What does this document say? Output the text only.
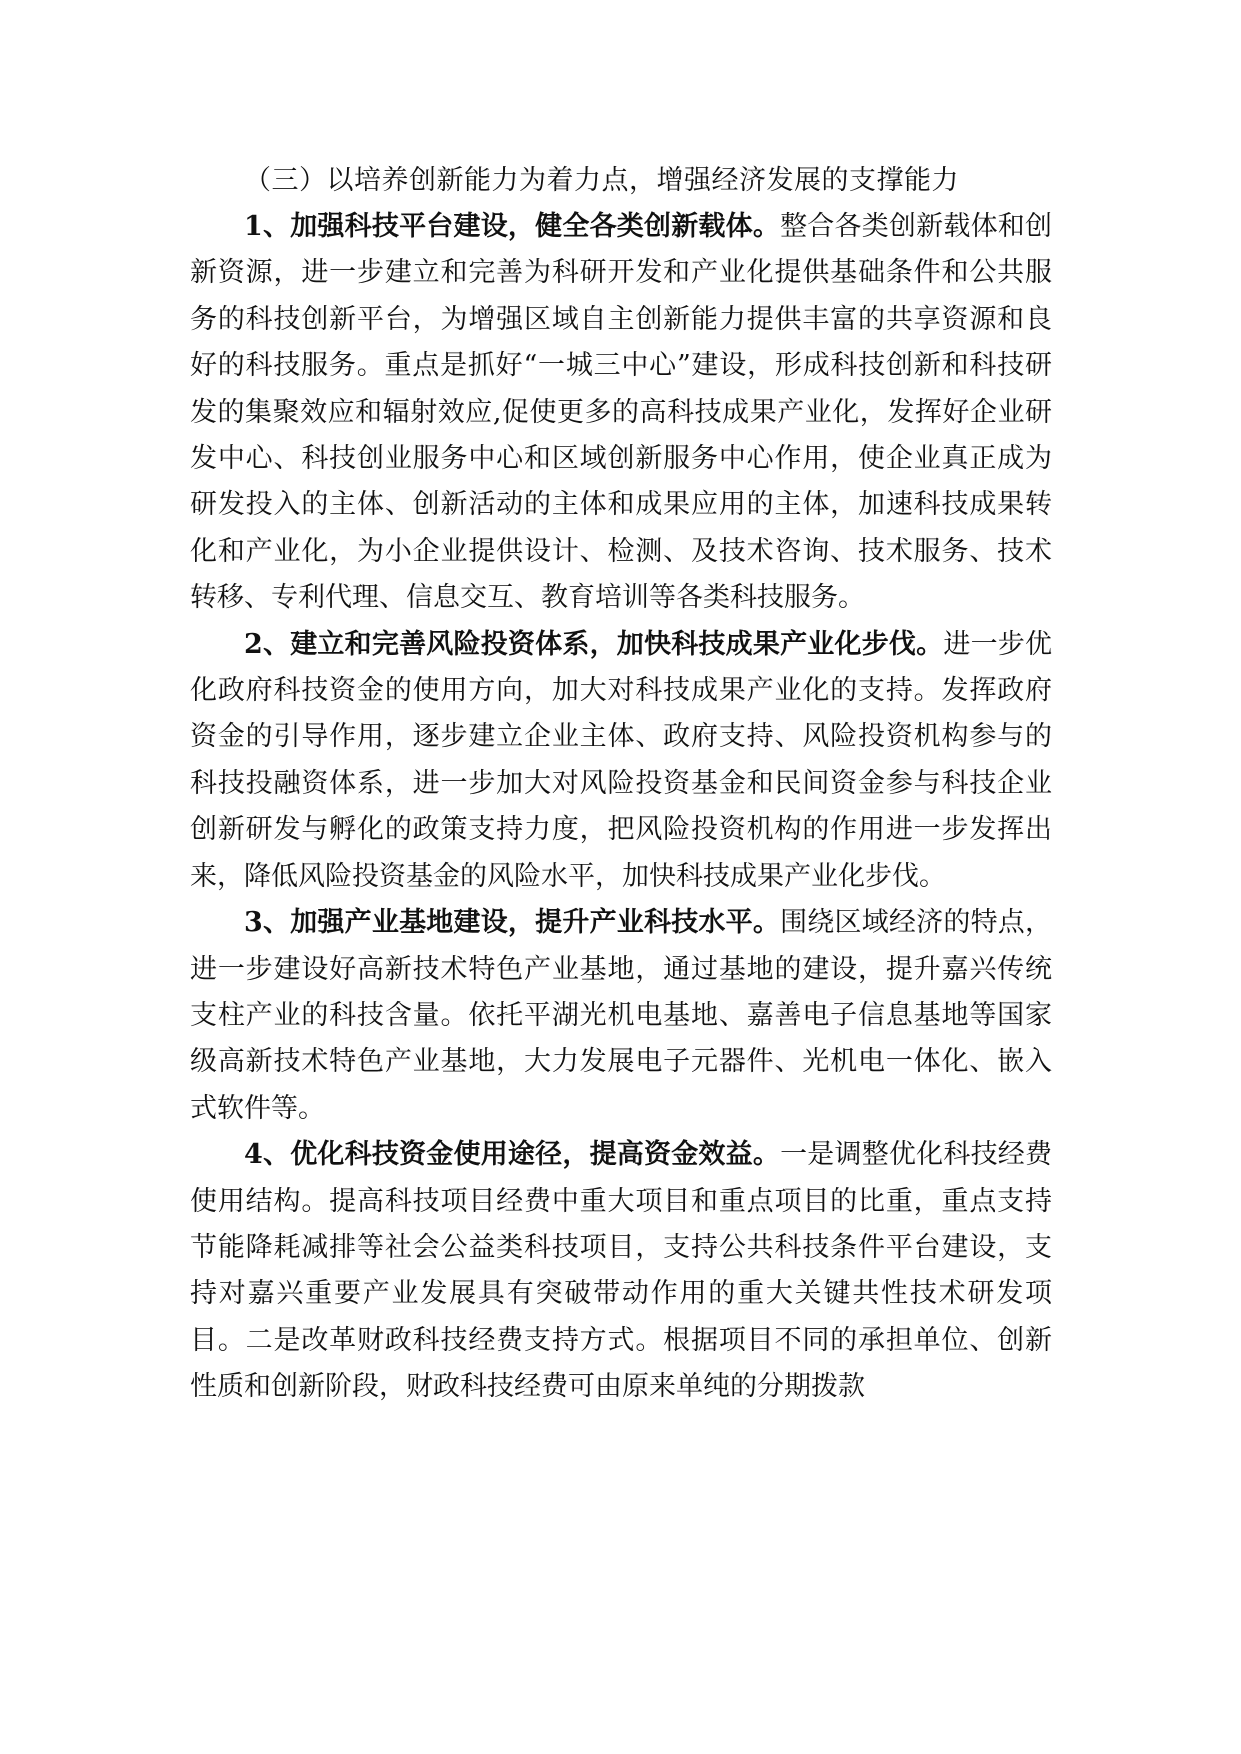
（三）以培养创新能力为着力点，增强经济发展的支撑能力

1、加强科技平台建设，健全各类创新载体。整合各类创新载体和创新资源，进一步建立和完善为科研开发和产业化提供基础条件和公共服务的科技创新平台，为增强区域自主创新能力提供丰富的共享资源和良好的科技服务。重点是抓好“一城三中心”建设，形成科技创新和科技研发的集聚效应和辐射效应,促使更多的高科技成果产业化，发挥好企业研发中心、科技创业服务中心和区域创新服务中心作用，使企业真正成为研发投入的主体、创新活动的主体和成果应用的主体，加速科技成果转化和产业化，为小企业提供设计、检测、及技术咨询、技术服务、技术转移、专利代理、信息交互、教育培训等各类科技服务。

2、建立和完善风险投资体系，加快科技成果产业化步伐。进一步优化政府科技资金的使用方向，加大对科技成果产业化的支持。发挥政府资金的引导作用，逐步建立企业主体、政府支持、风险投资机构参与的科技投融资体系，进一步加大对风险投资基金和民间资金参与科技企业创新研发与孵化的政策支持力度，把风险投资机构的作用进一步发挥出来，降低风险投资基金的风险水平，加快科技成果产业化步伐。

3、加强产业基地建设，提升产业科技水平。围绕区域经济的特点，进一步建设好高新技术特色产业基地，通过基地的建设，提升嘉兴传统支柱产业的科技含量。依托平湖光机电基地、嘉善电子信息基地等国家级高新技术特色产业基地，大力发展电子元器件、光机电一体化、嵌入式软件等。

4、优化科技资金使用途径，提高资金效益。一是调整优化科技经费使用结构。提高科技项目经费中重大项目和重点项目的比重，重点支持节能降耗减排等社会公益类科技项目，支持公共科技条件平台建设，支持对嘉兴重要产业发展具有突破带动作用的重大关键共性技术研发项目。二是改革财政科技经费支持方式。根据项目不同的承担单位、创新性质和创新阶段，财政科技经费可由原来单纯的分期拨款
